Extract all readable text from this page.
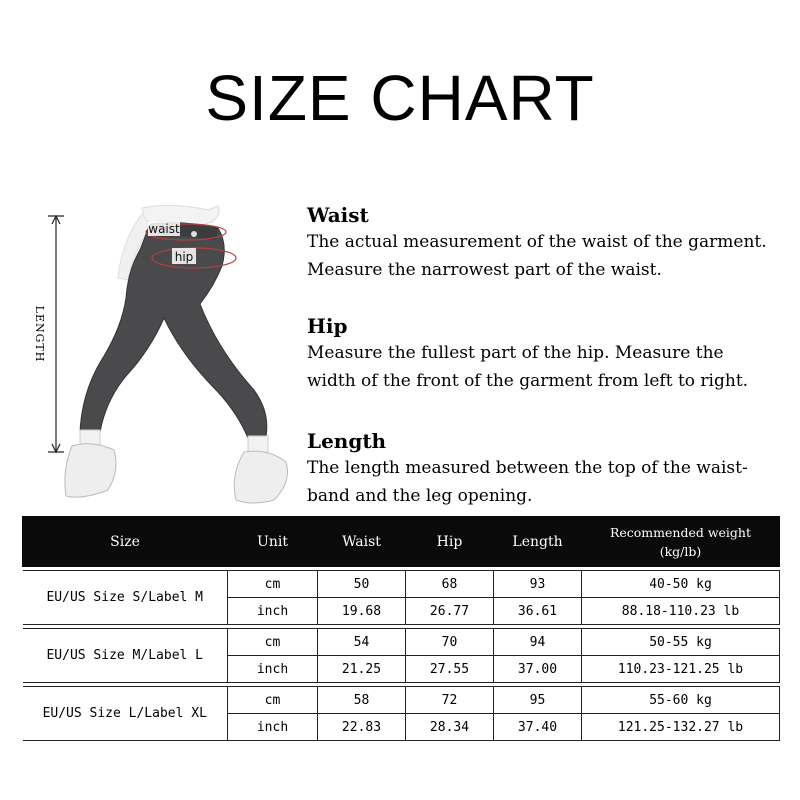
SIZE CHART
LENGTH
waist
hip
Waist

The actual measurement of the waist of the garment.

Measure the narrowest part of the waist.

Hip

Measure the fullest part of the hip. Measure the

width of the front of the garment from left to right.

Length

The length measured between the top of the waist-

band and the leg opening.

Size	Unit	Waist	Hip	Length	Recommended weight
(kg/lb)

EU/US Size S/Label M	cm	50	68	93	40-50 kg
	inch	19.68	26.77	36.61	88.18-110.23 lb

EU/US Size M/Label L	cm	54	70	94	50-55 kg
	inch	21.25	27.55	37.00	110.23-121.25 lb

EU/US Size L/Label XL	cm	58	72	95	55-60 kg
	inch	22.83	28.34	37.40	121.25-132.27 lb
